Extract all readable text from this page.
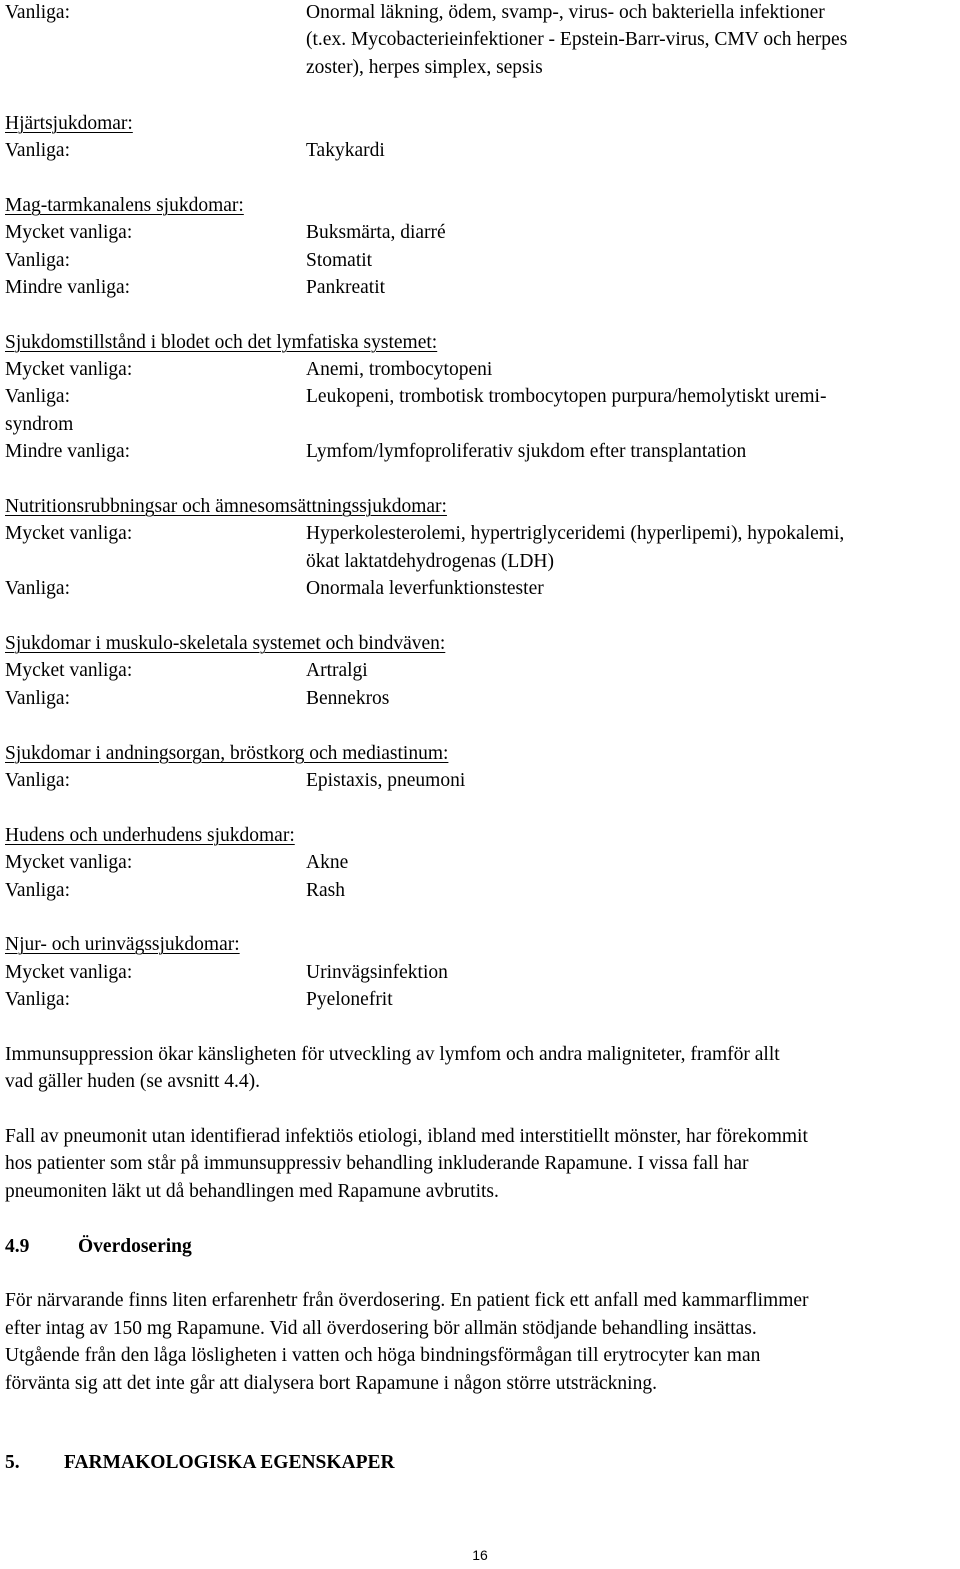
Vanliga:	Onormal läkning, ödem, svamp-, virus- och bakteriella infektioner
(t.ex. Mycobacterieinfektioner - Epstein-Barr-virus, CMV och herpes
zoster), herpes simplex, sepsis
Hjärtsjukdomar:
Vanliga:	Takykardi
Mag-tarmkanalens sjukdomar:
Mycket vanliga:	Buksmärta, diarré
Vanliga:	Stomatit
Mindre vanliga:	Pankreatit
Sjukdomstillstånd i blodet och det lymfatiska systemet:
Mycket vanliga:	Anemi, trombocytopeni
Vanliga:	Leukopeni, trombotisk trombocytopen purpura/hemolytiskt uremi-
syndrom
Mindre vanliga:	Lymfom/lymfoproliferativ sjukdom efter transplantation
Nutritionsrubbningsar och ämnesomsättningssjukdomar:
Mycket vanliga:	Hyperkolesterolemi, hypertriglyceridemi (hyperlipemi), hypokalemi,
ökat laktatdehydrogenas (LDH)
Vanliga:	Onormala leverfunktionstester
Sjukdomar i muskulo-skeletala systemet och bindväven:
Mycket vanliga:	Artralgi
Vanliga:	Bennekros
Sjukdomar i andningsorgan, bröstkorg och mediastinum:
Vanliga:	Epistaxis, pneumoni
Hudens och underhudens sjukdomar:
Mycket vanliga:	Akne
Vanliga:	Rash
Njur- och urinvägssjukdomar:
Mycket vanliga:	Urinvägsinfektion
Vanliga:	Pyelonefrit
Immunsuppression ökar känsligheten för utveckling av lymfom och andra maligniteter, framför allt
vad gäller huden (se avsnitt 4.4).
Fall av pneumonit utan identifierad infektiös etiologi, ibland med interstitiellt mönster, har förekommit
hos patienter som står på immunsuppressiv behandling inkluderande Rapamune. I vissa fall har
pneumoniten läkt ut då behandlingen med Rapamune avbrutits.
4.9 Överdosering
För närvarande finns liten erfarenhetr från överdosering. En patient fick ett anfall med kammarflimmer
efter intag av 150 mg Rapamune. Vid all överdosering bör allmän stödjande behandling insättas.
Utgående från den låga lösligheten i vatten och höga bindningsförmågan till erytrocyter kan man
förvänta sig att det inte går att dialysera bort Rapamune i någon större utsträckning.
5. FARMAKOLOGISKA EGENSKAPER
16
